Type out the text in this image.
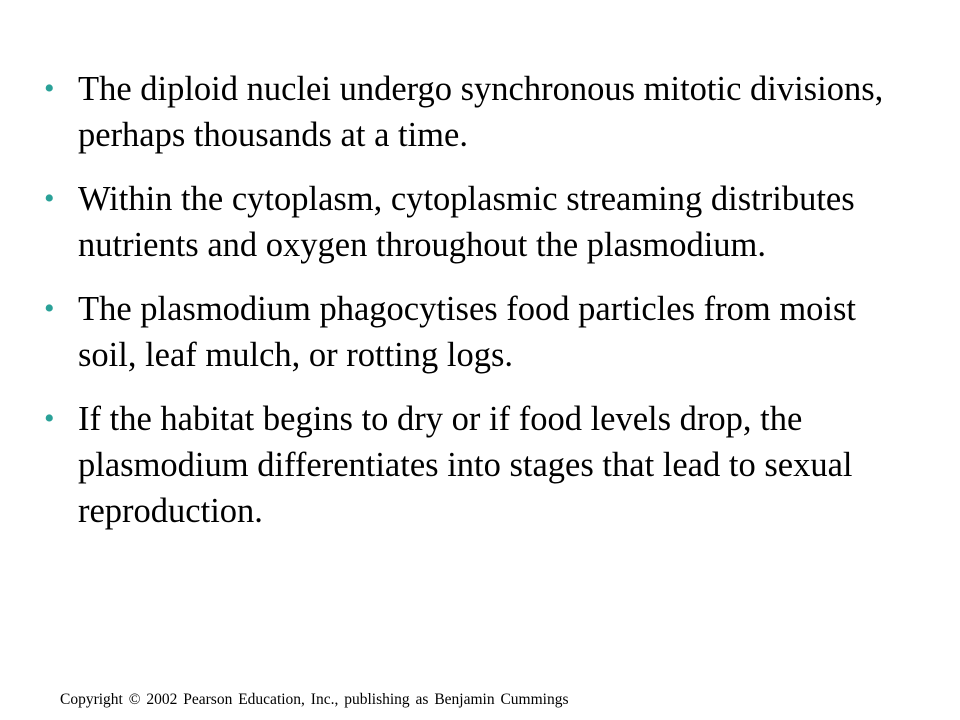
• The diploid nuclei undergo synchronous mitotic divisions, perhaps thousands at a time.
• Within the cytoplasm, cytoplasmic streaming distributes nutrients and oxygen throughout the plasmodium.
• The plasmodium phagocytises food particles from moist soil, leaf mulch, or rotting logs.
• If the habitat begins to dry or if food levels drop, the plasmodium differentiates into stages that lead to sexual reproduction.
Copyright © 2002 Pearson Education, Inc., publishing as Benjamin Cummings
